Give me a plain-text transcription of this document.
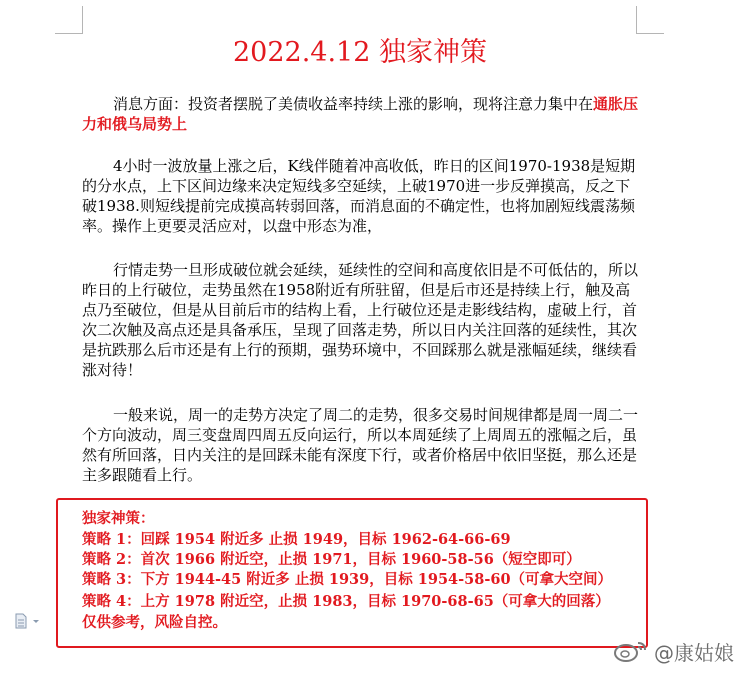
2022.4.12 独家神策

消息方面：投资者摆脱了美债收益率持续上涨的影响，现将注意力集中在通胀压力和俄乌局势上

4小时一波放量上涨之后，K线伴随着冲高收低，昨日的区间1970-1938是短期的分水点，上下区间边缘来决定短线多空延续，上破1970进一步反弹摸高，反之下破1938.则短线提前完成摸高转弱回落，而消息面的不确定性，也将加剧短线震荡频率。操作上更要灵活应对，以盘中形态为准，

行情走势一旦形成破位就会延续，延续性的空间和高度依旧是不可低估的，所以昨日的上行破位，走势虽然在1958附近有所驻留，但是后市还是持续上行，触及高点乃至破位，但是从目前后市的结构上看，上行破位还是走影线结构，虚破上行，首次二次触及高点还是具备承压，呈现了回落走势，所以日内关注回落的延续性，其次是抗跌那么后市还是有上行的预期，强势环境中，不回踩那么就是涨幅延续，继续看涨对待！

一般来说，周一的走势方决定了周二的走势，很多交易时间规律都是周一周二一个方向波动，周三变盘周四周五反向运行，所以本周延续了上周周五的涨幅之后，虽然有所回落，日内关注的是回踩未能有深度下行，或者价格居中依旧坚挺，那么还是主多跟随看上行。

独家神策：
策略 1：回踩 1954 附近多 止损 1949，目标 1962-64-66-69
策略 2：首次 1966 附近空，止损 1971，目标 1960-58-56（短空即可）
策略 3：下方 1944-45 附近多 止损 1939，目标 1954-58-60（可拿大空间）
策略 4：上方 1978 附近空，止损 1983，目标 1970-68-65（可拿大的回落）
仅供参考，风险自控。
@康姑娘
